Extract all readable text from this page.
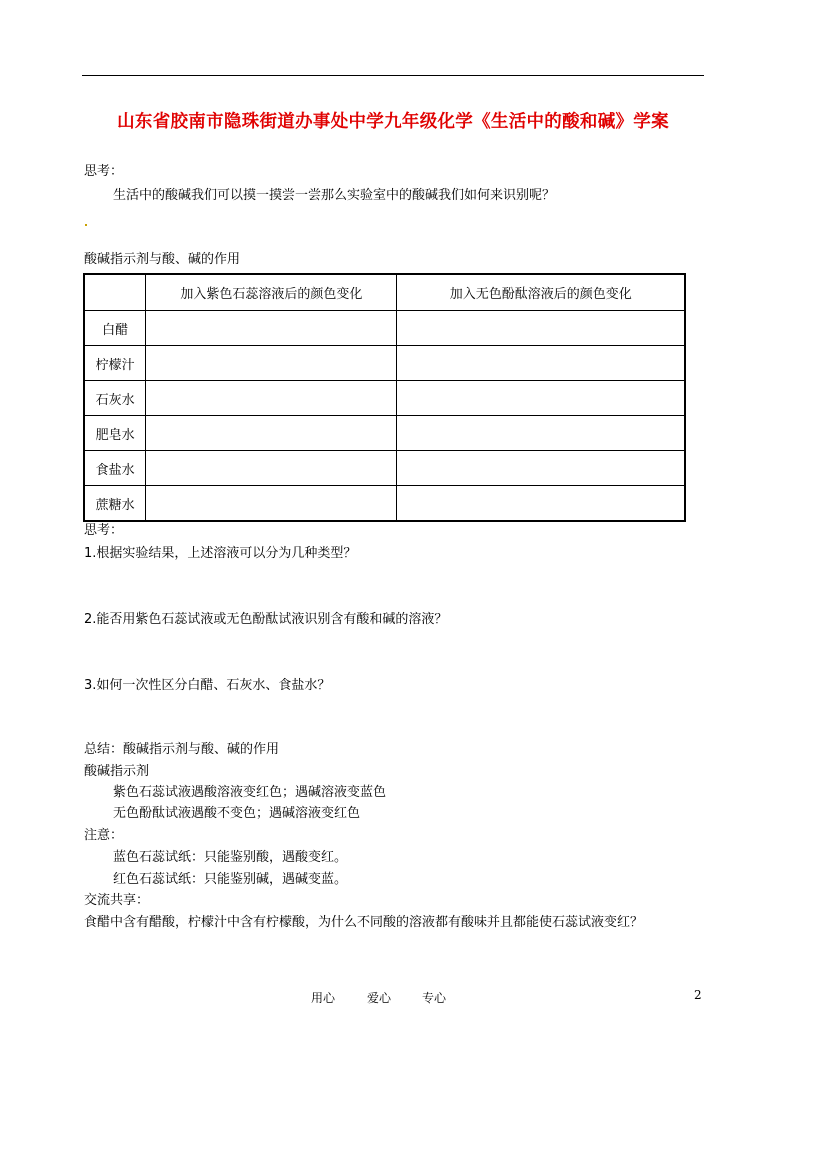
山东省胶南市隐珠街道办事处中学九年级化学《生活中的酸和碱》学案
思考：
生活中的酸碱我们可以摸一摸尝一尝那么实验室中的酸碱我们如何来识别呢？
酸碱指示剂与酸、碱的作用
	加入紫色石蕊溶液后的颜色变化	加入无色酚酞溶液后的颜色变化
白醋		
柠檬汁		
石灰水		
肥皂水		
食盐水		
蔗糖水		
思考：
1.根据实验结果，上述溶液可以分为几种类型？
2.能否用紫色石蕊试液或无色酚酞试液识别含有酸和碱的溶液？
3.如何一次性区分白醋、石灰水、食盐水？
总结：酸碱指示剂与酸、碱的作用
酸碱指示剂
紫色石蕊试液遇酸溶液变红色；遇碱溶液变蓝色
无色酚酞试液遇酸不变色；遇碱溶液变红色
注意：
蓝色石蕊试纸：只能鉴别酸，遇酸变红。
红色石蕊试纸：只能鉴别碱，遇碱变蓝。
交流共享：
食醋中含有醋酸，柠檬汁中含有柠檬酸，为什么不同酸的溶液都有酸味并且都能使石蕊试液变红？
用心	爱心	专心	2
